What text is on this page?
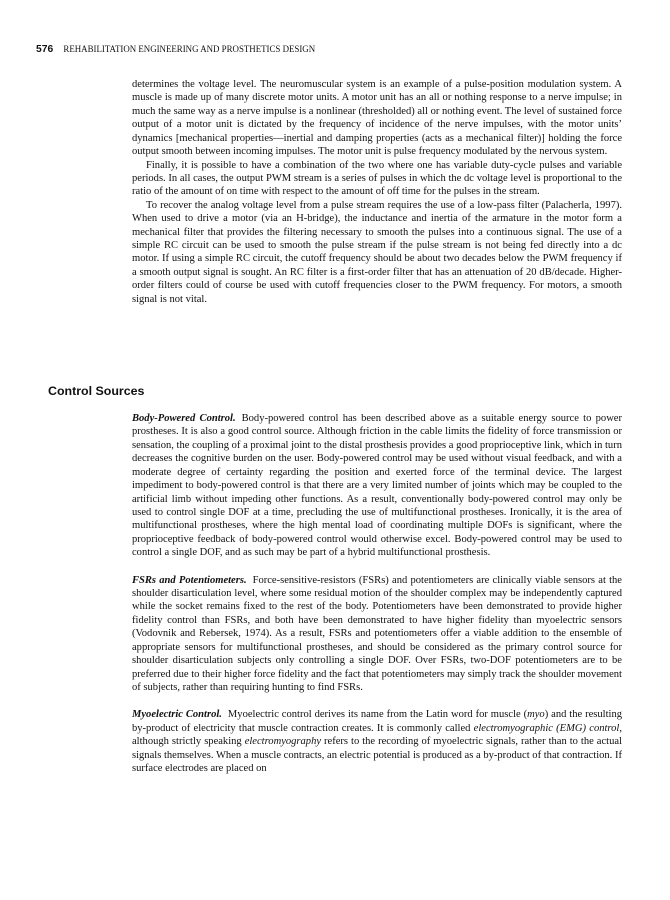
576 REHABILITATION ENGINEERING AND PROSTHETICS DESIGN

determines the voltage level. The neuromuscular system is an example of a pulse-position modulation system. A muscle is made up of many discrete motor units. A motor unit has an all or nothing response to a nerve impulse; in much the same way as a nerve impulse is a nonlinear (thresholded) all or nothing event. The level of sustained force output of a motor unit is dictated by the frequency of incidence of the nerve impulses, with the motor units’ dynamics [mechanical properties—inertial and damping properties (acts as a mechanical filter)] holding the force output smooth between incoming impulses. The motor unit is pulse frequency modulated by the nervous system.

Finally, it is possible to have a combination of the two where one has variable duty-cycle pulses and variable periods. In all cases, the output PWM stream is a series of pulses in which the dc voltage level is proportional to the ratio of the amount of on time with respect to the amount of off time for the pulses in the stream.

To recover the analog voltage level from a pulse stream requires the use of a low-pass filter (Palacherla, 1997). When used to drive a motor (via an H-bridge), the inductance and inertia of the armature in the motor form a mechanical filter that provides the filtering necessary to smooth the pulses into a continuous signal. The use of a simple RC circuit can be used to smooth the pulse stream if the pulse stream is not being fed directly into a dc motor. If using a simple RC circuit, the cutoff frequency should be about two decades below the PWM frequency if a smooth output signal is sought. An RC filter is a first-order filter that has an attenuation of 20 dB/decade. Higher-order filters could of course be used with cutoff frequencies closer to the PWM frequency. For motors, a smooth signal is not vital.

Control Sources

Body-Powered Control. Body-powered control has been described above as a suitable energy source to power prostheses. It is also a good control source. Although friction in the cable limits the fidelity of force transmission or sensation, the coupling of a proximal joint to the distal prosthesis provides a good proprioceptive link, which in turn decreases the cognitive burden on the user. Body-powered control may be used without visual feedback, and with a moderate degree of certainty regarding the position and exerted force of the terminal device. The largest impediment to body-powered control is that there are a very limited number of joints which may be coupled to the artificial limb without impeding other functions. As a result, conventionally body-powered control may only be used to control single DOF at a time, precluding the use of multifunctional prostheses. Ironically, it is the area of multifunctional prostheses, where the high mental load of coordinating multiple DOFs is significant, where the proprioceptive feedback of body-powered control would otherwise excel. Body-powered control may be used to control a single DOF, and as such may be part of a hybrid multifunctional prosthesis.

FSRs and Potentiometers. Force-sensitive-resistors (FSRs) and potentiometers are clinically viable sensors at the shoulder disarticulation level, where some residual motion of the shoulder complex may be independently captured while the socket remains fixed to the rest of the body. Potentiometers have been demonstrated to provide higher fidelity control than FSRs, and both have been demonstrated to have higher fidelity than myoelectric sensors (Vodovnik and Rebersek, 1974). As a result, FSRs and potentiometers offer a viable addition to the ensemble of appropriate sensors for multifunctional prostheses, and should be considered as the primary control source for shoulder disarticulation subjects only controlling a single DOF. Over FSRs, two-DOF potentiometers are to be preferred due to their higher force fidelity and the fact that potentiometers may simply track the shoulder movement of subjects, rather than requiring hunting to find FSRs.

Myoelectric Control. Myoelectric control derives its name from the Latin word for muscle (myo) and the resulting by-product of electricity that muscle contraction creates. It is commonly called electromyographic (EMG) control, although strictly speaking electromyography refers to the recording of myoelectric signals, rather than to the actual signals themselves. When a muscle contracts, an electric potential is produced as a by-product of that contraction. If surface electrodes are placed on
